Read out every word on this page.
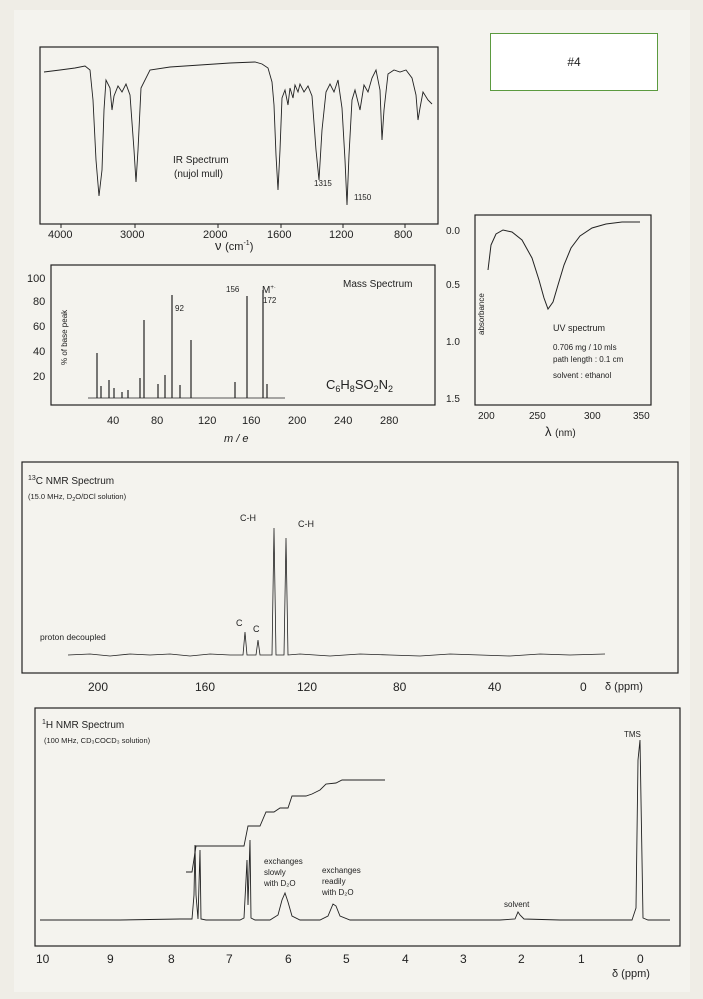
#4
IR Spectrum
(nujol mull)
1315
1150
4000	3000	2000	1600	1200	800
ν ($cm^{-1}_)$
92
156 M+·
172
Mass Spectrum
$C_6H_8SO_2N_2$
% of base peak
100
80
60
40
20
40	80	120 160	200	240	280
m / e
absorbance
0.0
0.5
1.0
1.5
UV spectrum
0.706 mg / 10 mls
path length : 0.1 cm
solvent : ethanol
200	250	300	350
λ (nm)
$^{13}$C NMR Spectrum
(15.0 MHz, $D_2O$/DCl solution)
proton decoupled
C-H
C-H
C
C
200	160	120	80	40	0 δ (ppm)
$^1$H NMR Spectrum
(100 MHz, CD₃COCD₃ solution)
TMS
exchanges
slowly
with D₂O
exchanges
readily
with D₂O
solvent
10	9	8	7	6	5	4	3	2	1	0
δ (ppm)
